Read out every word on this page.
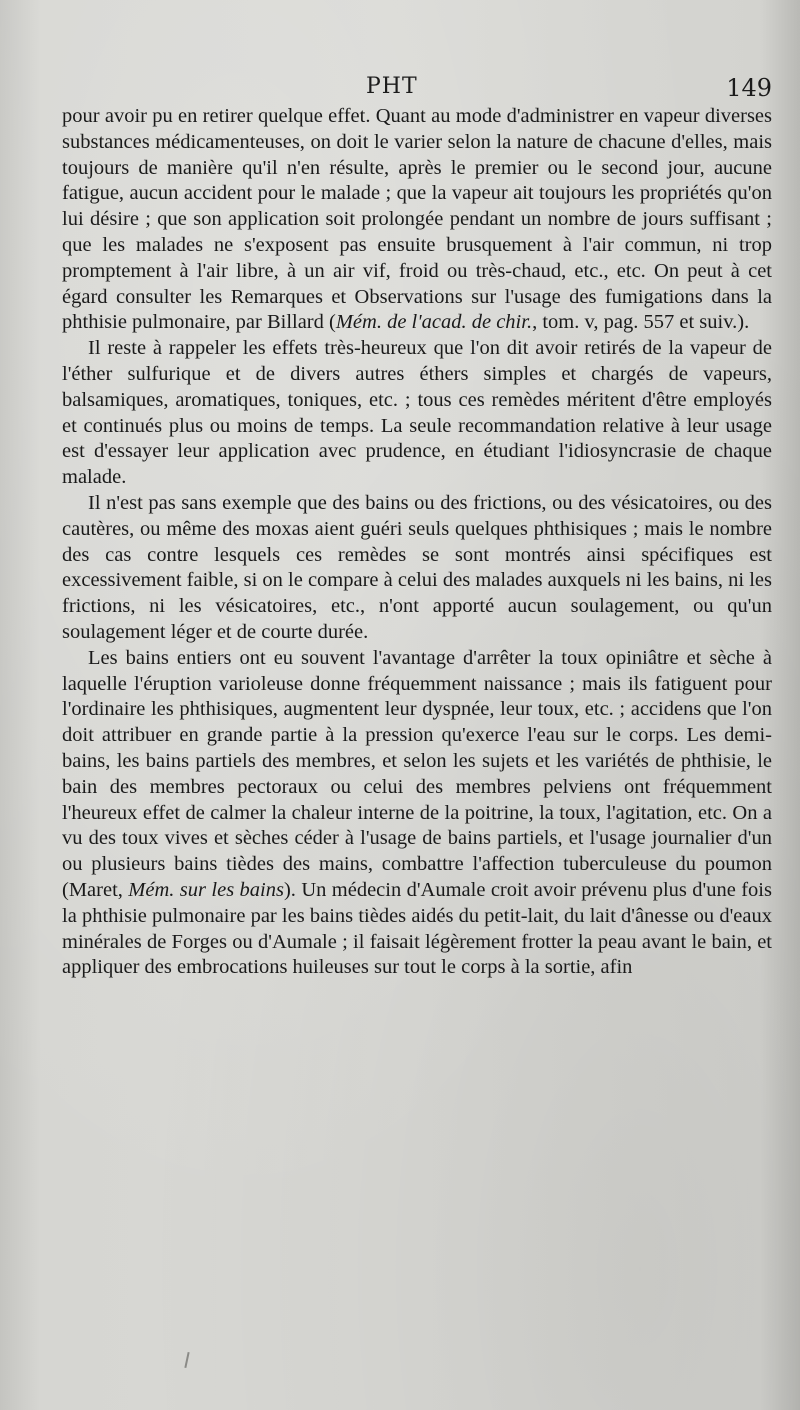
PHT	149

pour avoir pu en retirer quelque effet. Quant au mode d'administrer en vapeur diverses substances médicamenteuses, on doit le varier selon la nature de chacune d'elles, mais toujours de manière qu'il n'en résulte, après le premier ou le second jour, aucune fatigue, aucun accident pour le malade ; que la vapeur ait toujours les propriétés qu'on lui désire ; que son application soit prolongée pendant un nombre de jours suffisant ; que les malades ne s'exposent pas ensuite brusquement à l'air commun, ni trop promptement à l'air libre, à un air vif, froid ou très-chaud, etc., etc. On peut à cet égard consulter les Remarques et Observations sur l'usage des fumigations dans la phthisie pulmonaire, par Billard (Mém. de l'acad. de chir., tom. v, pag. 557 et suiv.).

Il reste à rappeler les effets très-heureux que l'on dit avoir retirés de la vapeur de l'éther sulfurique et de divers autres éthers simples et chargés de vapeurs, balsamiques, aromatiques, toniques, etc. ; tous ces remèdes méritent d'être employés et continués plus ou moins de temps. La seule recommandation relative à leur usage est d'essayer leur application avec prudence, en étudiant l'idiosyncrasie de chaque malade.

Il n'est pas sans exemple que des bains ou des frictions, ou des vésicatoires, ou des cautères, ou même des moxas aient guéri seuls quelques phthisiques ; mais le nombre des cas contre lesquels ces remèdes se sont montrés ainsi spécifiques est excessivement faible, si on le compare à celui des malades auxquels ni les bains, ni les frictions, ni les vésicatoires, etc., n'ont apporté aucun soulagement, ou qu'un soulagement léger et de courte durée.

Les bains entiers ont eu souvent l'avantage d'arrêter la toux opiniâtre et sèche à laquelle l'éruption varioleuse donne fréquemment naissance ; mais ils fatiguent pour l'ordinaire les phthisiques, augmentent leur dyspnée, leur toux, etc. ; accidens que l'on doit attribuer en grande partie à la pression qu'exerce l'eau sur le corps. Les demi-bains, les bains partiels des membres, et selon les sujets et les variétés de phthisie, le bain des membres pectoraux ou celui des membres pelviens ont fréquemment l'heureux effet de calmer la chaleur interne de la poitrine, la toux, l'agitation, etc. On a vu des toux vives et sèches céder à l'usage de bains partiels, et l'usage journalier d'un ou plusieurs bains tièdes des mains, combattre l'affection tuberculeuse du poumon (Maret, Mém. sur les bains). Un médecin d'Aumale croit avoir prévenu plus d'une fois la phthisie pulmonaire par les bains tièdes aidés du petit-lait, du lait d'ânesse ou d'eaux minérales de Forges ou d'Aumale ; il faisait légèrement frotter la peau avant le bain, et appliquer des embrocations huileuses sur tout le corps à la sortie, afin
